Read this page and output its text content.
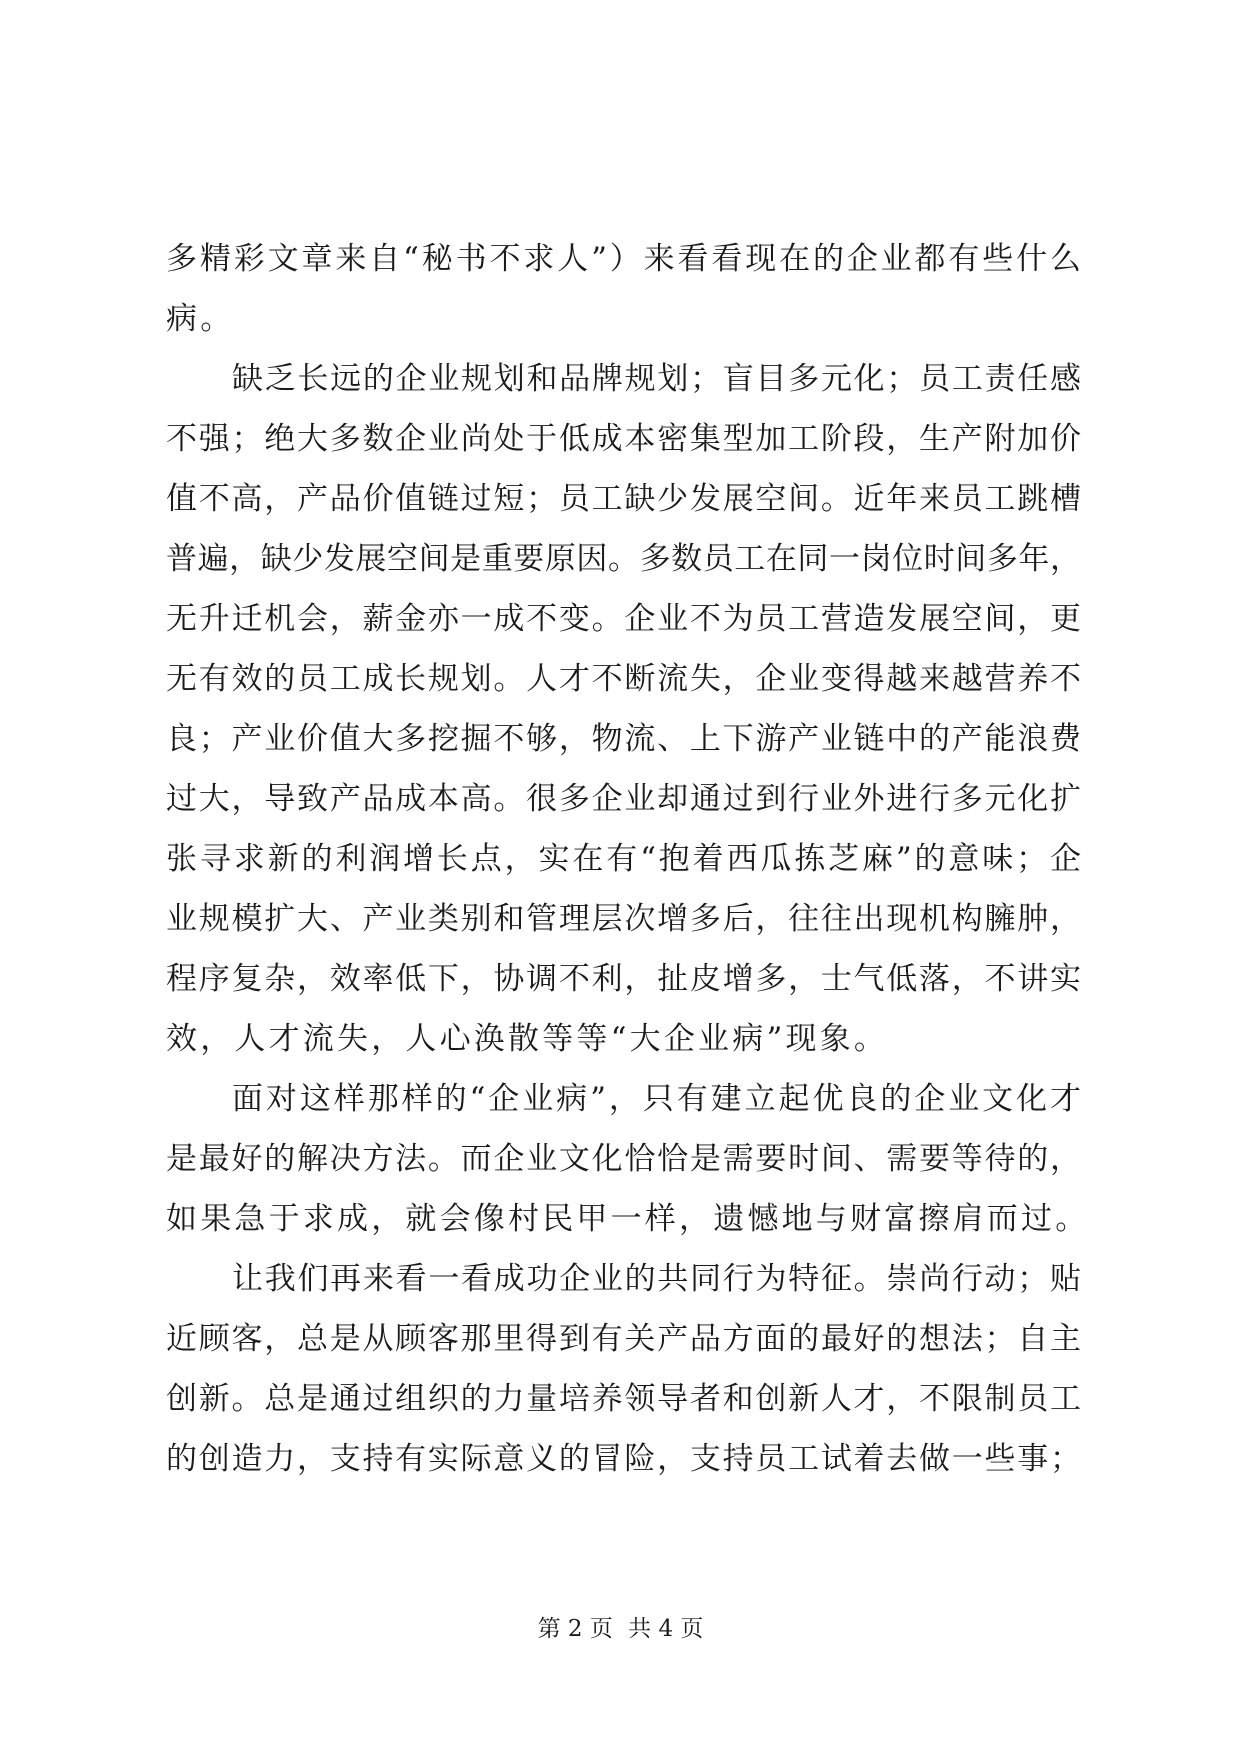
多精彩文章来自“秘书不求人”）来看看现在的企业都有些什么
病。
缺乏长远的企业规划和品牌规划；盲目多元化；员工责任感
不强；绝大多数企业尚处于低成本密集型加工阶段，生产附加价
值不高，产品价值链过短；员工缺少发展空间。近年来员工跳槽
普遍，缺少发展空间是重要原因。多数员工在同一岗位时间多年，
无升迁机会，薪金亦一成不变。企业不为员工营造发展空间，更
无有效的员工成长规划。人才不断流失，企业变得越来越营养不
良；产业价值大多挖掘不够，物流、上下游产业链中的产能浪费
过大，导致产品成本高。很多企业却通过到行业外进行多元化扩
张寻求新的利润增长点，实在有“抱着西瓜拣芝麻”的意味；企
业规模扩大、产业类别和管理层次增多后，往往出现机构臃肿，
程序复杂，效率低下，协调不利，扯皮增多，士气低落，不讲实
效，人才流失，人心涣散等等“大企业病”现象。
面对这样那样的“企业病”，只有建立起优良的企业文化才
是最好的解决方法。而企业文化恰恰是需要时间、需要等待的，
如果急于求成，就会像村民甲一样，遗憾地与财富擦肩而过。
让我们再来看一看成功企业的共同行为特征。崇尚行动；贴
近顾客，总是从顾客那里得到有关产品方面的最好的想法；自主
创新。总是通过组织的力量培养领导者和创新人才，不限制员工
的创造力，支持有实际意义的冒险，支持员工试着去做一些事；
第 2 页 共 4 页
